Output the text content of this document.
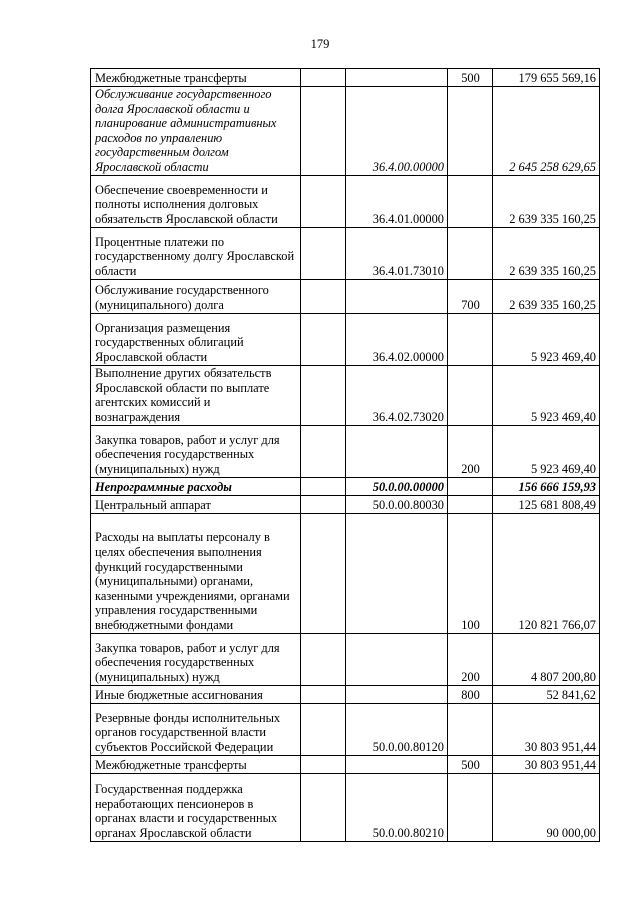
179
Межбюджетные трансферты			500	179 655 569,16
Обслуживание государственного долга Ярославской области и планирование административных расходов по управлению государственным долгом Ярославской области		36.4.00.00000		2 645 258 629,65
Обеспечение своевременности и полноты исполнения долговых обязательств Ярославской области		36.4.01.00000		2 639 335 160,25
Процентные платежи по государственному долгу Ярославской области		36.4.01.73010		2 639 335 160,25
Обслуживание государственного (муниципального) долга			700	2 639 335 160,25
Организация размещения государственных облигаций Ярославской области		36.4.02.00000		5 923 469,40
Выполнение других обязательств Ярославской области по выплате агентских комиссий и вознаграждения		36.4.02.73020		5 923 469,40
Закупка товаров, работ и услуг для обеспечения государственных (муниципальных) нужд			200	5 923 469,40
Непрограммные расходы		50.0.00.00000		156 666 159,93
Центральный аппарат		50.0.00.80030		125 681 808,49
Расходы на выплаты персоналу в целях обеспечения выполнения функций государственными (муниципальными) органами, казенными учреждениями, органами управления государственными внебюджетными фондами			100	120 821 766,07
Закупка товаров, работ и услуг для обеспечения государственных (муниципальных) нужд			200	4 807 200,80
Иные бюджетные ассигнования			800	52 841,62
Резервные фонды исполнительных органов государственной власти субъектов Российской Федерации		50.0.00.80120		30 803 951,44
Межбюджетные трансферты			500	30 803 951,44
Государственная поддержка неработающих пенсионеров в органах власти и государственных органах Ярославской области		50.0.00.80210		90 000,00
